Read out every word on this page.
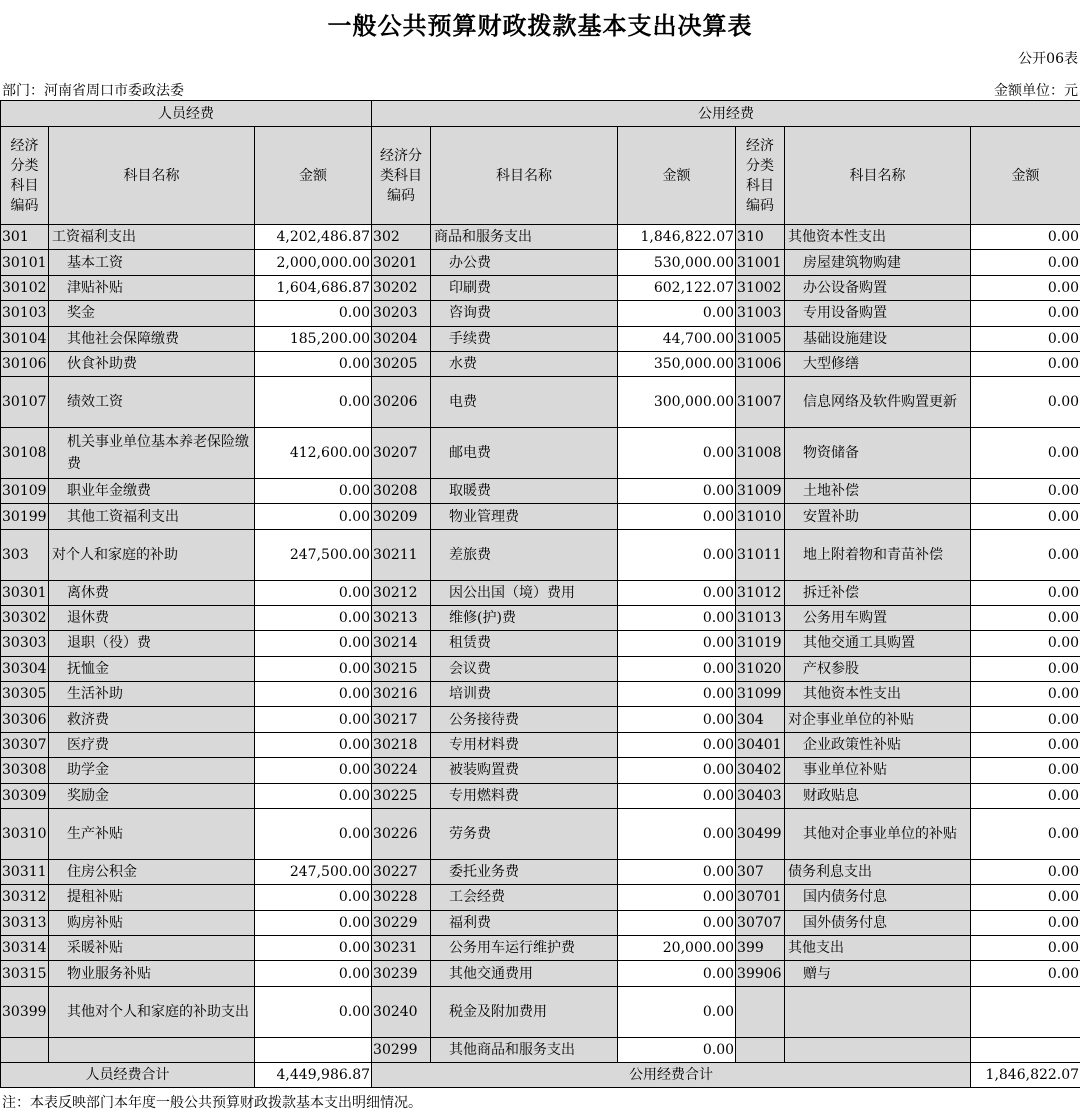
一般公共预算财政拨款基本支出决算表
公开06表
部门：河南省周口市委政法委	金额单位：元
人员经费			公用经费					
经济
分类
科目
编码	科目名称	金额	经济分
类科目
编码	科目名称	金额	经济
分类
科目
编码	科目名称	金额
301	工资福利支出	4,202,486.87	302	商品和服务支出	1,846,822.07	310	其他资本性支出	0.00
30101	基本工资	2,000,000.00	30201	办公费	530,000.00	31001	房屋建筑物购建	0.00
30102	津贴补贴	1,604,686.87	30202	印刷费	602,122.07	31002	办公设备购置	0.00
30103	奖金	0.00	30203	咨询费	0.00	31003	专用设备购置	0.00
30104	其他社会保障缴费	185,200.00	30204	手续费	44,700.00	31005	基础设施建设	0.00
30106	伙食补助费	0.00	30205	水费	350,000.00	31006	大型修缮	0.00
30107	绩效工资	0.00	30206	电费	300,000.00	31007	信息网络及软件购置更新	0.00
30108	机关事业单位基本养老保险缴费	412,600.00	30207	邮电费	0.00	31008	物资储备	0.00
30109	职业年金缴费	0.00	30208	取暖费	0.00	31009	土地补偿	0.00
30199	其他工资福利支出	0.00	30209	物业管理费	0.00	31010	安置补助	0.00
303	对个人和家庭的补助	247,500.00	30211	差旅费	0.00	31011	地上附着物和青苗补偿	0.00
30301	离休费	0.00	30212	因公出国（境）费用	0.00	31012	拆迁补偿	0.00
30302	退休费	0.00	30213	维修(护)费	0.00	31013	公务用车购置	0.00
30303	退职（役）费	0.00	30214	租赁费	0.00	31019	其他交通工具购置	0.00
30304	抚恤金	0.00	30215	会议费	0.00	31020	产权参股	0.00
30305	生活补助	0.00	30216	培训费	0.00	31099	其他资本性支出	0.00
30306	救济费	0.00	30217	公务接待费	0.00	304	对企事业单位的补贴	0.00
30307	医疗费	0.00	30218	专用材料费	0.00	30401	企业政策性补贴	0.00
30308	助学金	0.00	30224	被装购置费	0.00	30402	事业单位补贴	0.00
30309	奖励金	0.00	30225	专用燃料费	0.00	30403	财政贴息	0.00
30310	生产补贴	0.00	30226	劳务费	0.00	30499	其他对企事业单位的补贴	0.00
30311	住房公积金	247,500.00	30227	委托业务费	0.00	307	债务利息支出	0.00
30312	提租补贴	0.00	30228	工会经费	0.00	30701	国内债务付息	0.00
30313	购房补贴	0.00	30229	福利费	0.00	30707	国外债务付息	0.00
30314	采暖补贴	0.00	30231	公务用车运行维护费	20,000.00	399	其他支出	0.00
30315	物业服务补贴	0.00	30239	其他交通费用	0.00	39906	赠与	0.00
30399	其他对个人和家庭的补助支出	0.00	30240	税金及附加费用	0.00			
			30299	其他商品和服务支出	0.00			
人员经费合计		4,449,986.87	公用经费合计					1,846,822.07
注：本表反映部门本年度一般公共预算财政拨款基本支出明细情况。
